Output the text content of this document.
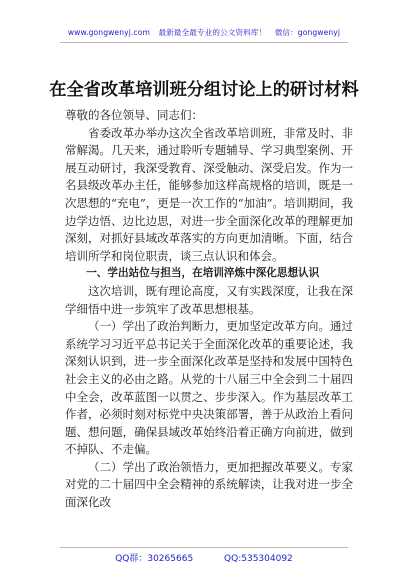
www.gongwenyj.com 最新最全最专业的公文资料库！ 微信：gongwenyj
在全省改革培训班分组讨论上的研讨材料

尊敬的各位领导、同志们：

省委改革办举办这次全省改革培训班，非常及时、非常解渴。几天来，通过聆听专题辅导、学习典型案例、开展互动研讨，我深受教育、深受触动、深受启发。作为一名县级改革办主任，能够参加这样高规格的培训，既是一次思想的“充电”，更是一次工作的“加油”。培训期间，我边学边悟、边比边思，对进一步全面深化改革的理解更加深刻，对抓好县域改革落实的方向更加清晰。下面，结合培训所学和岗位职责，谈三点认识和体会。

一、学出站位与担当，在培训淬炼中深化思想认识

这次培训，既有理论高度，又有实践深度，让我在深学细悟中进一步筑牢了改革思想根基。

（一）学出了政治判断力，更加坚定改革方向。通过系统学习习近平总书记关于全面深化改革的重要论述，我深刻认识到，进一步全面深化改革是坚持和发展中国特色社会主义的必由之路。从党的十八届三中全会到二十届四中全会，改革蓝图一以贯之、步步深入。作为基层改革工作者，必须时刻对标党中央决策部署，善于从政治上看问题、想问题，确保县域改革始终沿着正确方向前进，做到不掉队、不走偏。

（二）学出了政治领悟力，更加把握改革要义。专家对党的二十届四中全会精神的系统解读，让我对进一步全面深化改

QQ群：30265665	QQ:535304092
